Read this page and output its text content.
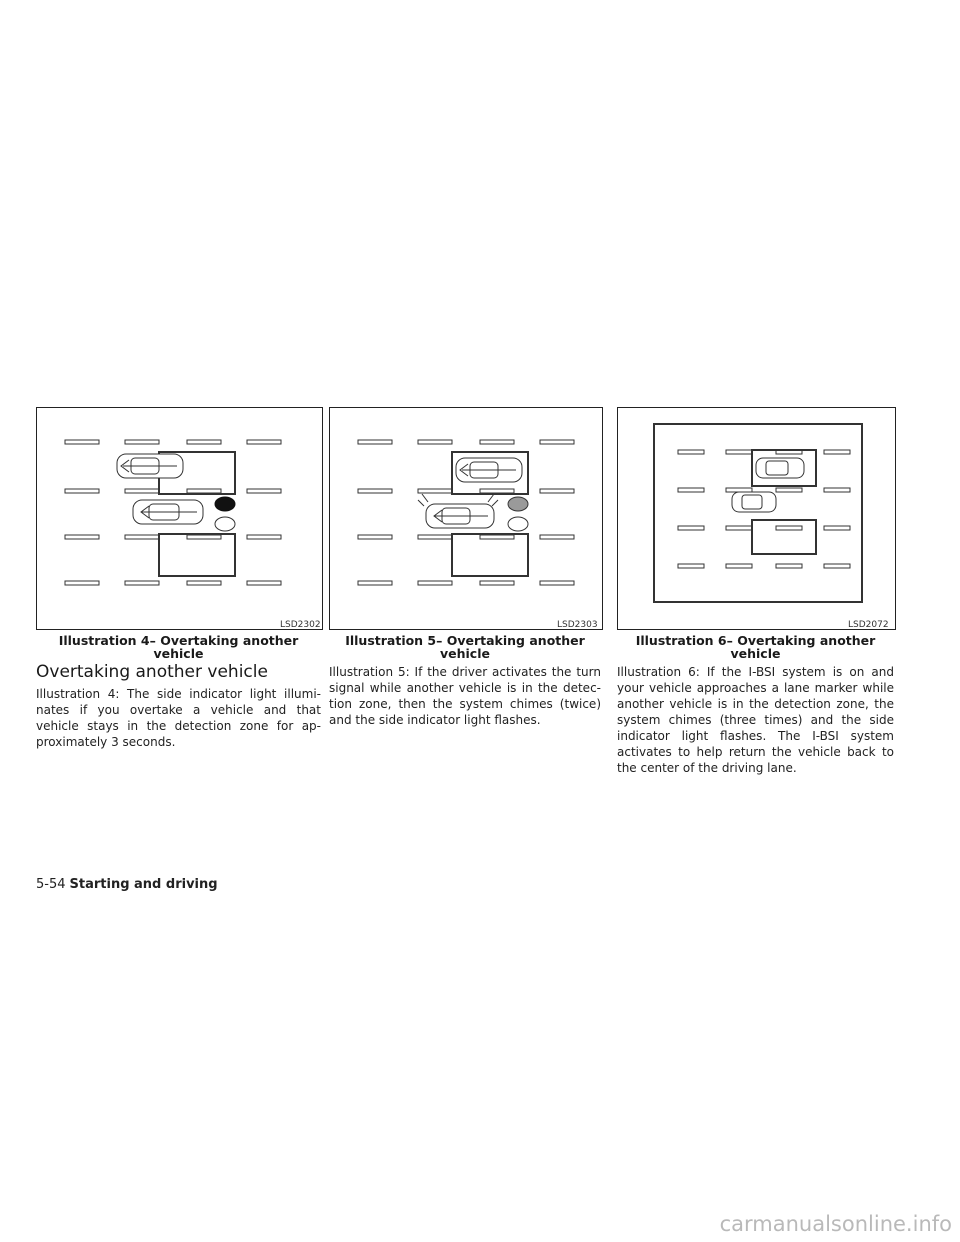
LSD2302
Illustration 4– Overtaking another
vehicle
LSD2303
Illustration 5– Overtaking another
vehicle
LSD2072
Illustration 6– Overtaking another
vehicle
Overtaking another vehicle
Illustration 4: The side indicator light illumi-nates if you overtake a vehicle and that vehicle stays in the detection zone for ap-proximately 3 seconds.
Illustration 5: If the driver activates the turn signal while another vehicle is in the detec-tion zone, then the system chimes (twice) and the side indicator light flashes.
Illustration 6: If the I-BSI system is on and your vehicle approaches a lane marker while another vehicle is in the detection zone, the system chimes (three times) and the side indicator light flashes. The I-BSI system activates to help return the vehicle back to the center of the driving lane.
5-54 Starting and driving
carmanualsonline.info
